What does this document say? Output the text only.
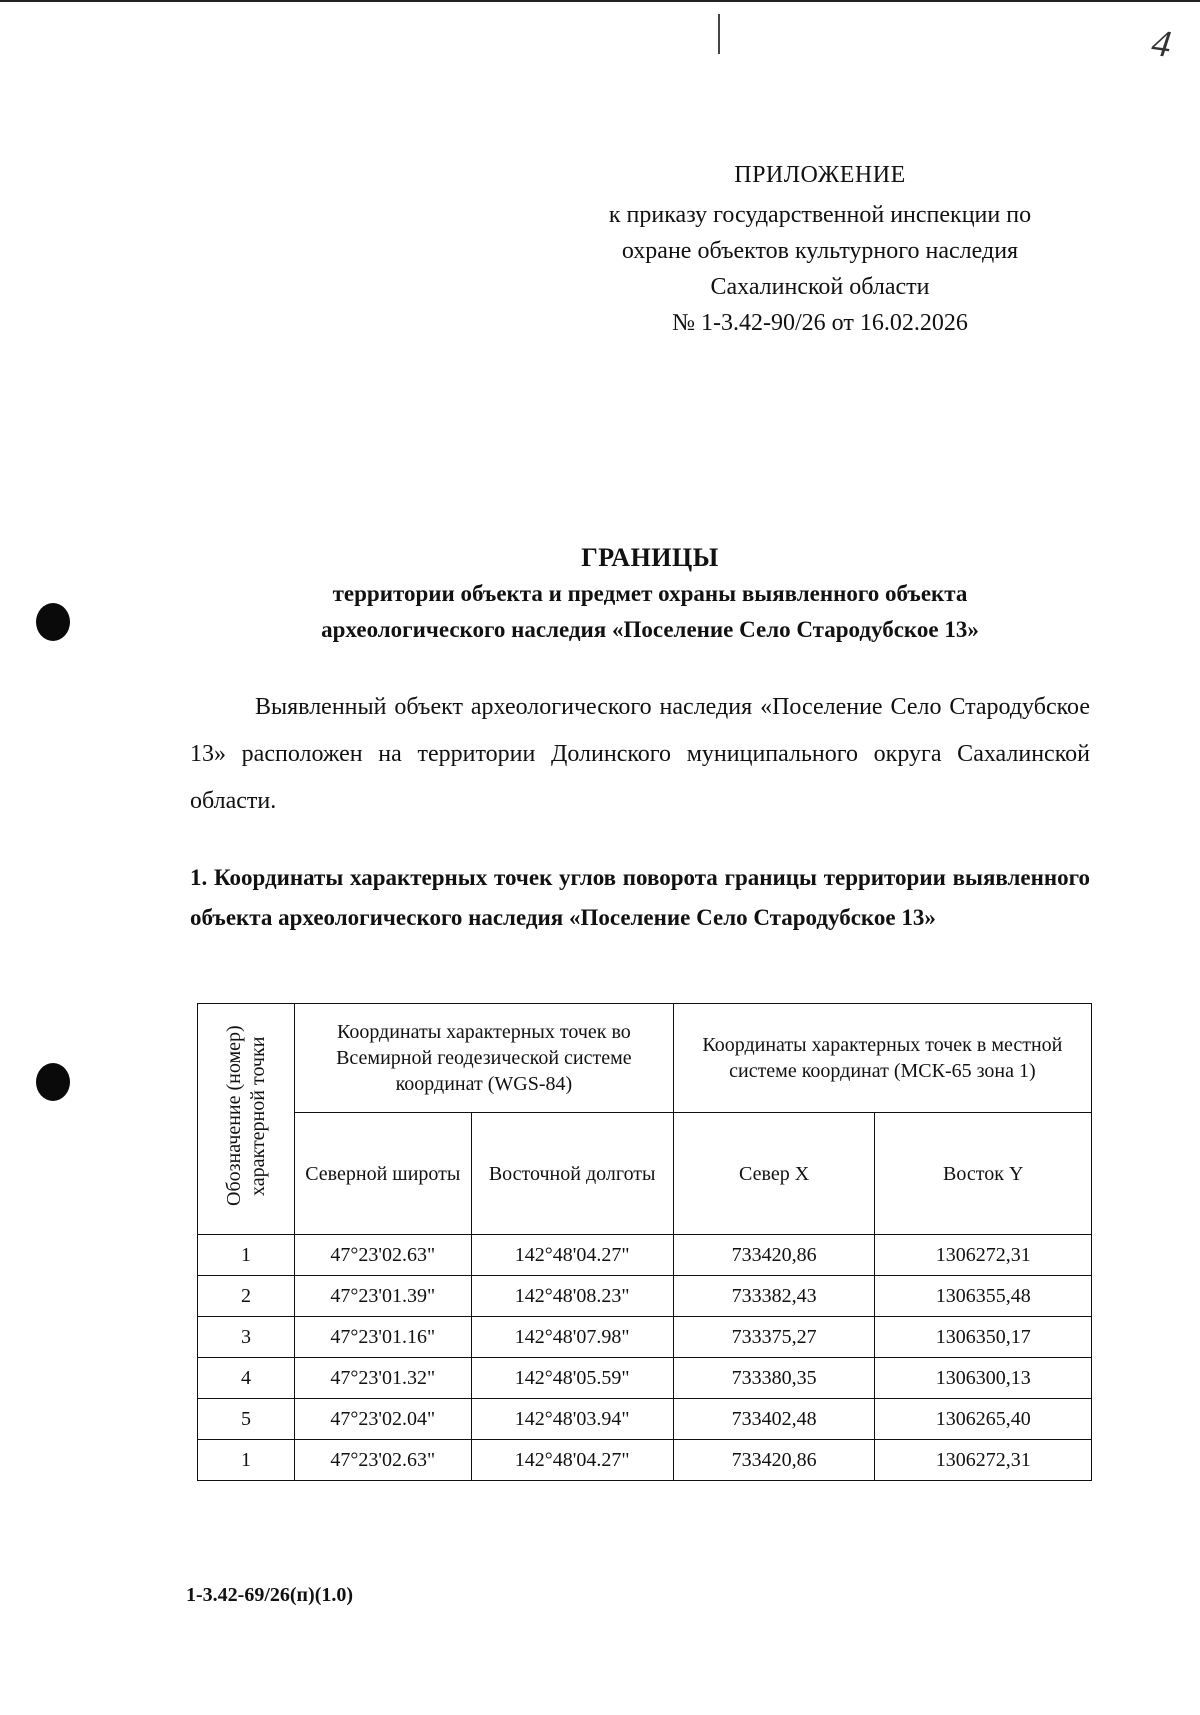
4
ПРИЛОЖЕНИЕ
к приказу государственной инспекции по
охране объектов культурного наследия
Сахалинской области
№ 1-3.42-90/26 от 16.02.2026
ГРАНИЦЫ
территории объекта и предмет охраны выявленного объекта
археологического наследия «Поселение Село Стародубское 13»
Выявленный объект археологического наследия «Поселение Село Стародубское 13» расположен на территории Долинского муниципального округа Сахалинской области.
1. Координаты характерных точек углов поворота границы территории выявленного объекта археологического наследия «Поселение Село Стародубское 13»
Обозначение (номер) характерной точки	Координаты характерных точек во Всемирной геодезической системе координат (WGS-84)		Координаты характерных точек в местной системе координат (МСК-65 зона 1)	
	Северной широты	Восточной долготы	Север X	Восток Y
1	47°23'02.63"	142°48'04.27"	733420,86	1306272,31
2	47°23'01.39"	142°48'08.23"	733382,43	1306355,48
3	47°23'01.16"	142°48'07.98"	733375,27	1306350,17
4	47°23'01.32"	142°48'05.59"	733380,35	1306300,13
5	47°23'02.04"	142°48'03.94"	733402,48	1306265,40
1	47°23'02.63"	142°48'04.27"	733420,86	1306272,31
1-3.42-69/26(п)(1.0)
